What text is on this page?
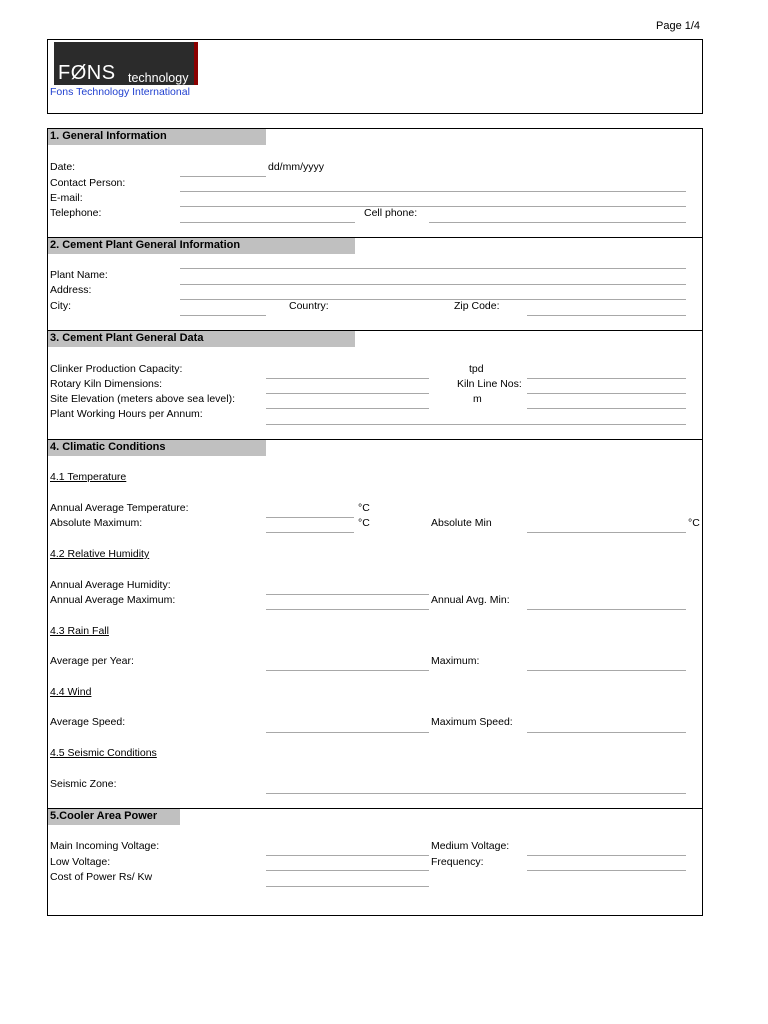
Page 1/4
FØNS technology
Fons Technology International
1. General Information
Date:	dd/mm/yyyy
Contact Person:
E-mail:
Telephone:	Cell phone:
2. Cement Plant General Information
Plant Name:
Address:
City:	Country:	Zip Code:
3. Cement Plant General Data
Clinker Production Capacity:	tpd
Rotary Kiln Dimensions:	Kiln Line Nos:
Site Elevation (meters above sea level):	m
Plant Working Hours per Annum:
4. Climatic Conditions
4.1 Temperature
Annual Average Temperature:	°C
Absolute Maximum:	°C	Absolute Min	°C
4.2 Relative Humidity
Annual Average Humidity:
Annual Average Maximum:	Annual Avg. Min:
4.3 Rain Fall
Average per Year:	Maximum:
4.4 Wind
Average Speed:	Maximum Speed:
4.5 Seismic Conditions
Seismic Zone:
5.Cooler Area Power
Main Incoming Voltage:	Medium Voltage:
Low Voltage:	Frequency:
Cost of Power Rs/ Kw
